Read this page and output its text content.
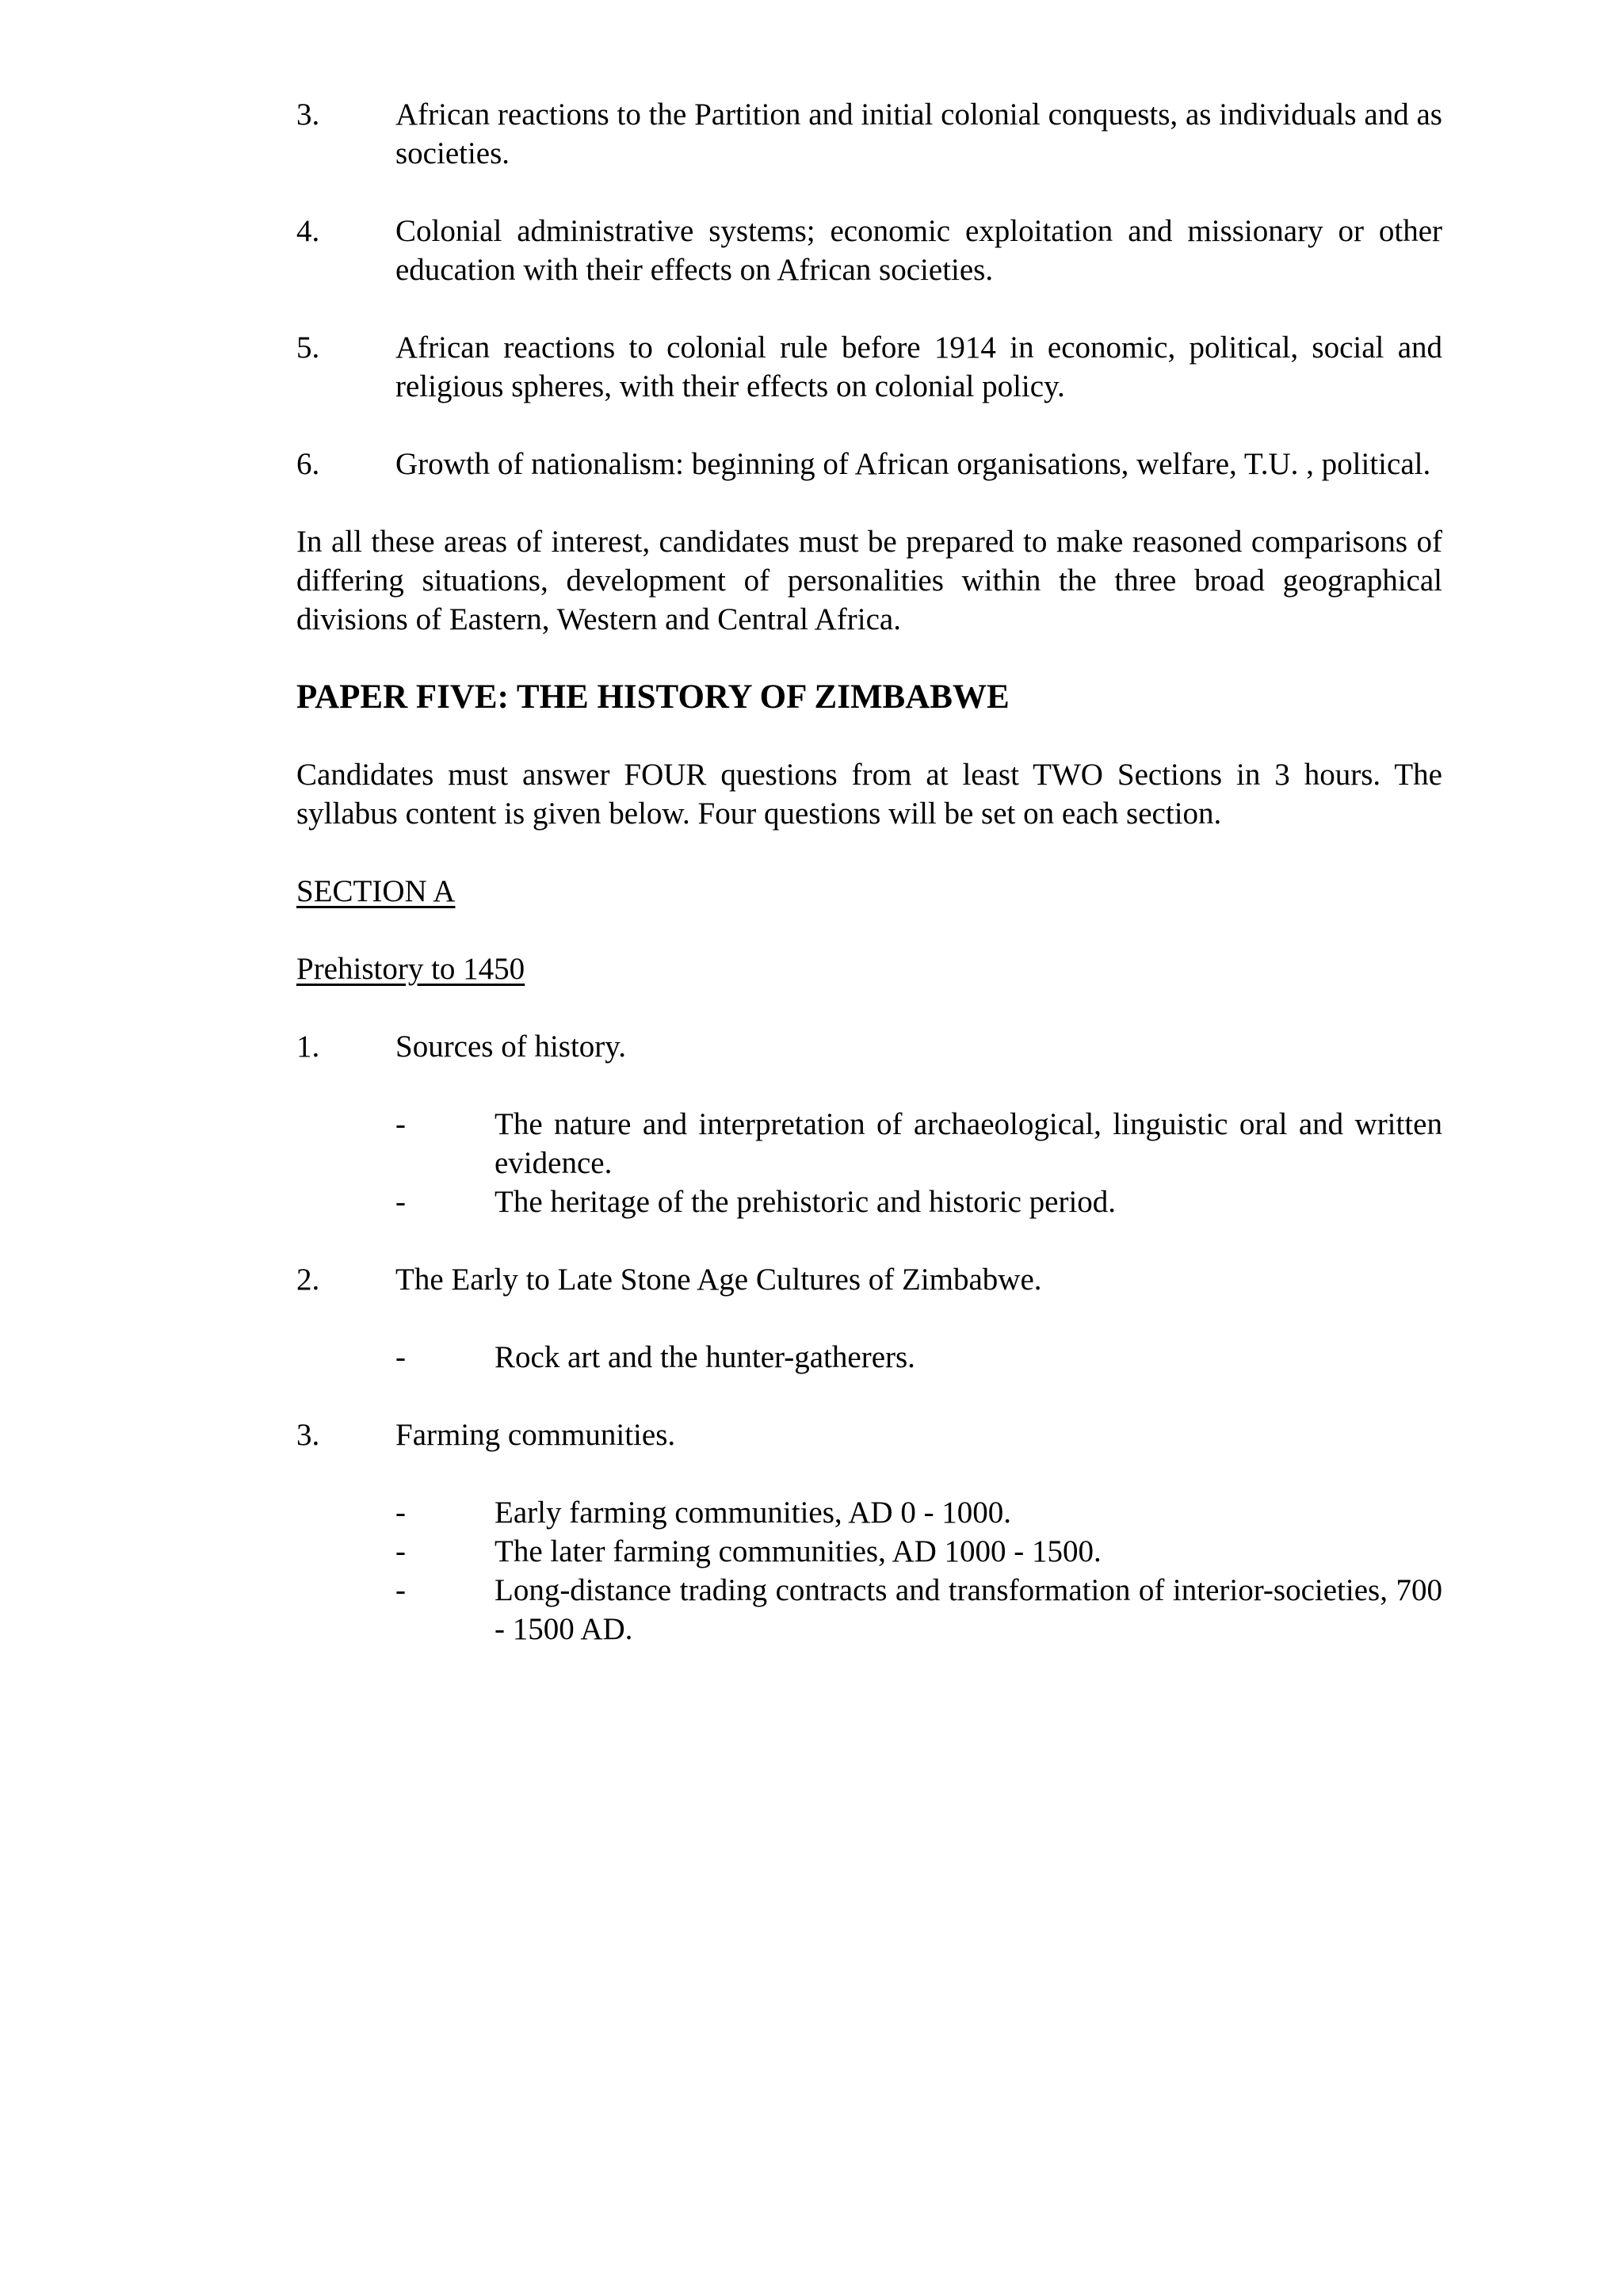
3. African reactions to the Partition and initial colonial conquests, as individuals and as societies.
4. Colonial administrative systems; economic exploitation and missionary or other education with their effects on African societies.
5. African reactions to colonial rule before 1914 in economic, political, social and religious spheres, with their effects on colonial policy.
6. Growth of nationalism: beginning of African organisations, welfare, T.U. , political.
In all these areas of interest, candidates must be prepared to make reasoned comparisons of differing situations, development of personalities within the three broad geographical divisions of Eastern, Western and Central Africa.
PAPER FIVE: THE HISTORY OF ZIMBABWE
Candidates must answer FOUR questions from at least TWO Sections in 3 hours. The syllabus content is given below. Four questions will be set on each section.
SECTION A
Prehistory to 1450
1. Sources of history.
-	The nature and interpretation of archaeological, linguistic oral and written evidence.
-	The heritage of the prehistoric and historic period.
2. The Early to Late Stone Age Cultures of Zimbabwe.
-	Rock art and the hunter-gatherers.
3. Farming communities.
-	Early farming communities, AD 0 - 1000.
-	The later farming communities, AD 1000 - 1500.
-	Long-distance trading contracts and transformation of interior-societies, 700 - 1500 AD.
